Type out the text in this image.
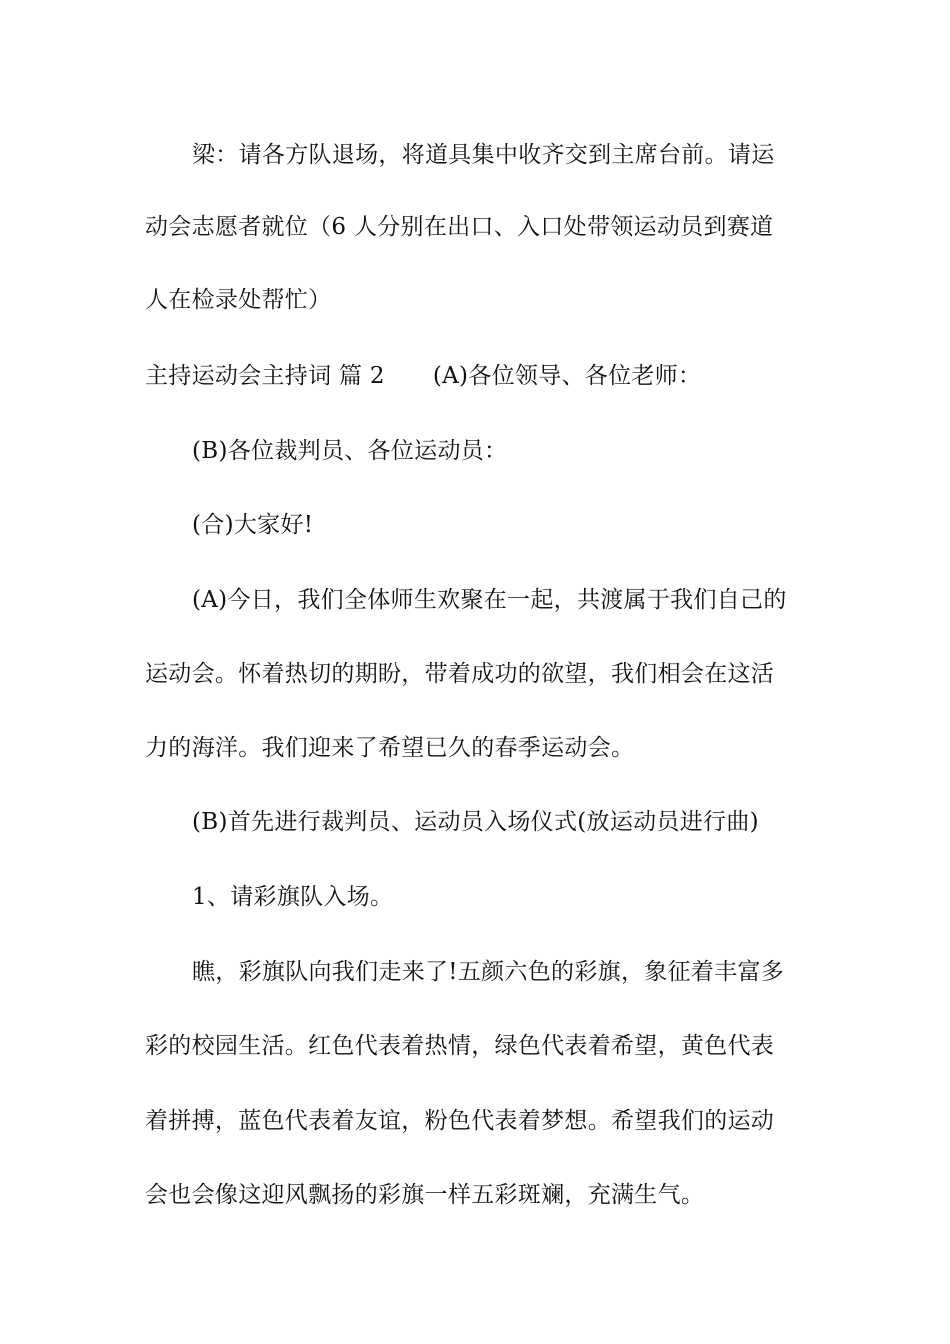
梁：请各方队退场，将道具集中收齐交到主席台前。请运
动会志愿者就位（6 人分别在出口、入口处带领运动员到赛道
人在检录处帮忙）
主持运动会主持词 篇 2 (A)各位领导、各位老师：
(B)各位裁判员、各位运动员：
(合)大家好!
(A)今日，我们全体师生欢聚在一起，共渡属于我们自己的
运动会。怀着热切的期盼，带着成功的欲望，我们相会在这活
力的海洋。我们迎来了希望已久的春季运动会。
(B)首先进行裁判员、运动员入场仪式(放运动员进行曲)
1、请彩旗队入场。
瞧，彩旗队向我们走来了!五颜六色的彩旗，象征着丰富多
彩的校园生活。红色代表着热情，绿色代表着希望，黄色代表
着拼搏，蓝色代表着友谊，粉色代表着梦想。希望我们的运动
会也会像这迎风飘扬的彩旗一样五彩斑斓，充满生气。
